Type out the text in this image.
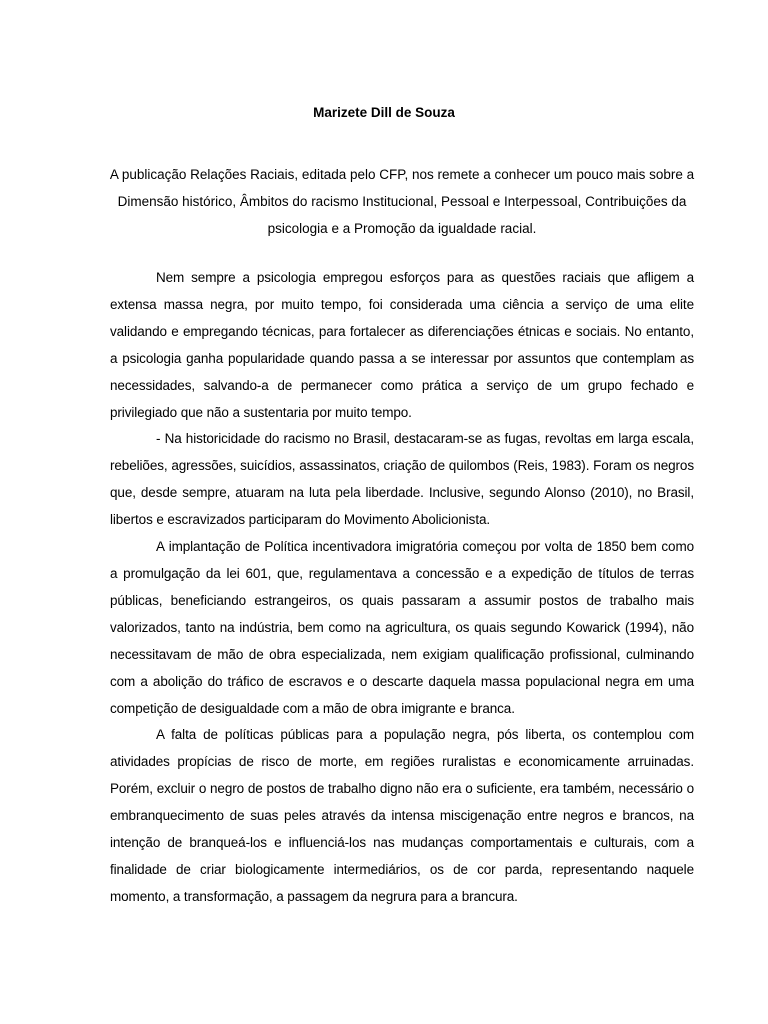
Marizete Dill de Souza

A publicação Relações Raciais, editada pelo CFP, nos remete a conhecer um pouco mais sobre a Dimensão histórico, Âmbitos do racismo Institucional, Pessoal e Interpessoal, Contribuições da psicologia e a Promoção da igualdade racial.

Nem sempre a psicologia empregou esforços para as questões raciais que afligem a extensa massa negra, por muito tempo, foi considerada uma ciência a serviço de uma elite validando e empregando técnicas, para fortalecer as diferenciações étnicas e sociais. No entanto, a psicologia ganha popularidade quando passa a se interessar por assuntos que contemplam as necessidades, salvando-a de permanecer como prática a serviço de um grupo fechado e privilegiado que não a sustentaria por muito tempo.

- Na historicidade do racismo no Brasil, destacaram-se as fugas, revoltas em larga escala, rebeliões, agressões, suicídios, assassinatos, criação de quilombos (Reis, 1983). Foram os negros que, desde sempre, atuaram na luta pela liberdade. Inclusive, segundo Alonso (2010), no Brasil, libertos e escravizados participaram do Movimento Abolicionista.

A implantação de Política incentivadora imigratória começou por volta de 1850 bem como a promulgação da lei 601, que, regulamentava a concessão e a expedição de títulos de terras públicas, beneficiando estrangeiros, os quais passaram a assumir postos de trabalho mais valorizados, tanto na indústria, bem como na agricultura, os quais segundo Kowarick (1994), não necessitavam de mão de obra especializada, nem exigiam qualificação profissional, culminando com a abolição do tráfico de escravos e o descarte daquela massa populacional negra em uma competição de desigualdade com a mão de obra imigrante e branca.

A falta de políticas públicas para a população negra, pós liberta, os contemplou com atividades propícias de risco de morte, em regiões ruralistas e economicamente arruinadas. Porém, excluir o negro de postos de trabalho digno não era o suficiente, era também, necessário o embranquecimento de suas peles através da intensa miscigenação entre negros e brancos, na intenção de branqueá-los e influenciá-los nas mudanças comportamentais e culturais, com a finalidade de criar biologicamente intermediários, os de cor parda, representando naquele momento, a transformação, a passagem da negrura para a brancura.
